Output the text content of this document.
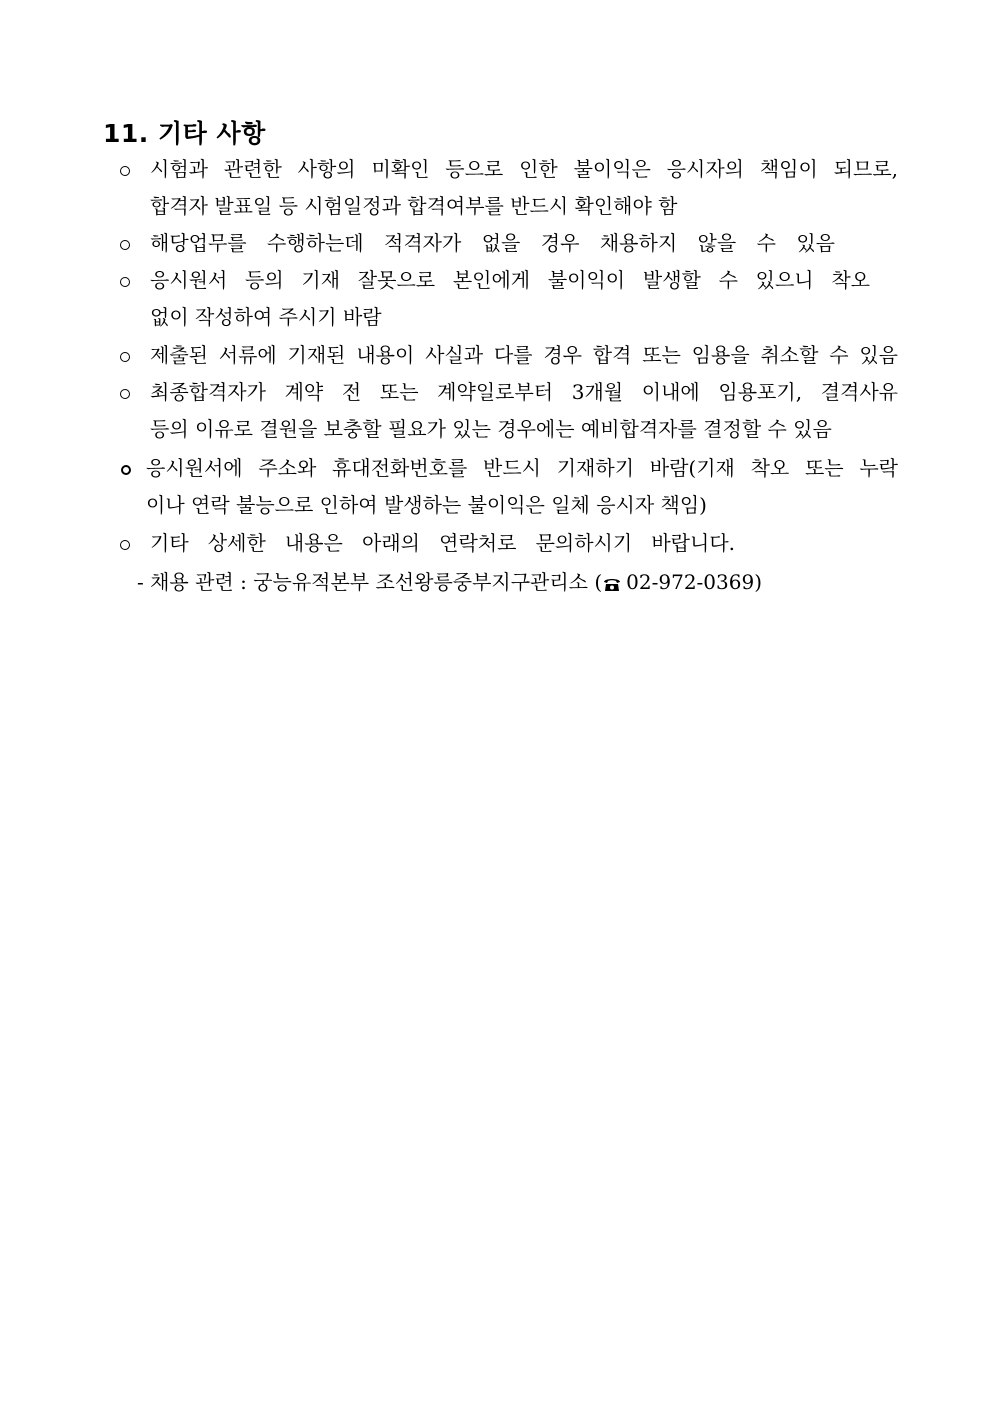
11. 기타 사항
시험과 관련한 사항의 미확인 등으로 인한 불이익은 응시자의 책임이 되므로,
합격자 발표일 등 시험일정과 합격여부를 반드시 확인해야 함
해당업무를 수행하는데 적격자가 없을 경우 채용하지 않을 수 있음
응시원서 등의 기재 잘못으로 본인에게 불이익이 발생할 수 있으니 착오
없이 작성하여 주시기 바람
제출된 서류에 기재된 내용이 사실과 다를 경우 합격 또는 임용을 취소할 수 있음
최종합격자가 계약 전 또는 계약일로부터 3개월 이내에 임용포기, 결격사유
등의 이유로 결원을 보충할 필요가 있는 경우에는 예비합격자를 결정할 수 있음
응시원서에 주소와 휴대전화번호를 반드시 기재하기 바람(기재 착오 또는 누락
이나 연락 불능으로 인하여 발생하는 불이익은 일체 응시자 책임)
기타 상세한 내용은 아래의 연락처로 문의하시기 바랍니다.
- 채용 관련 : 궁능유적본부 조선왕릉중부지구관리소 ( 02-972-0369)
